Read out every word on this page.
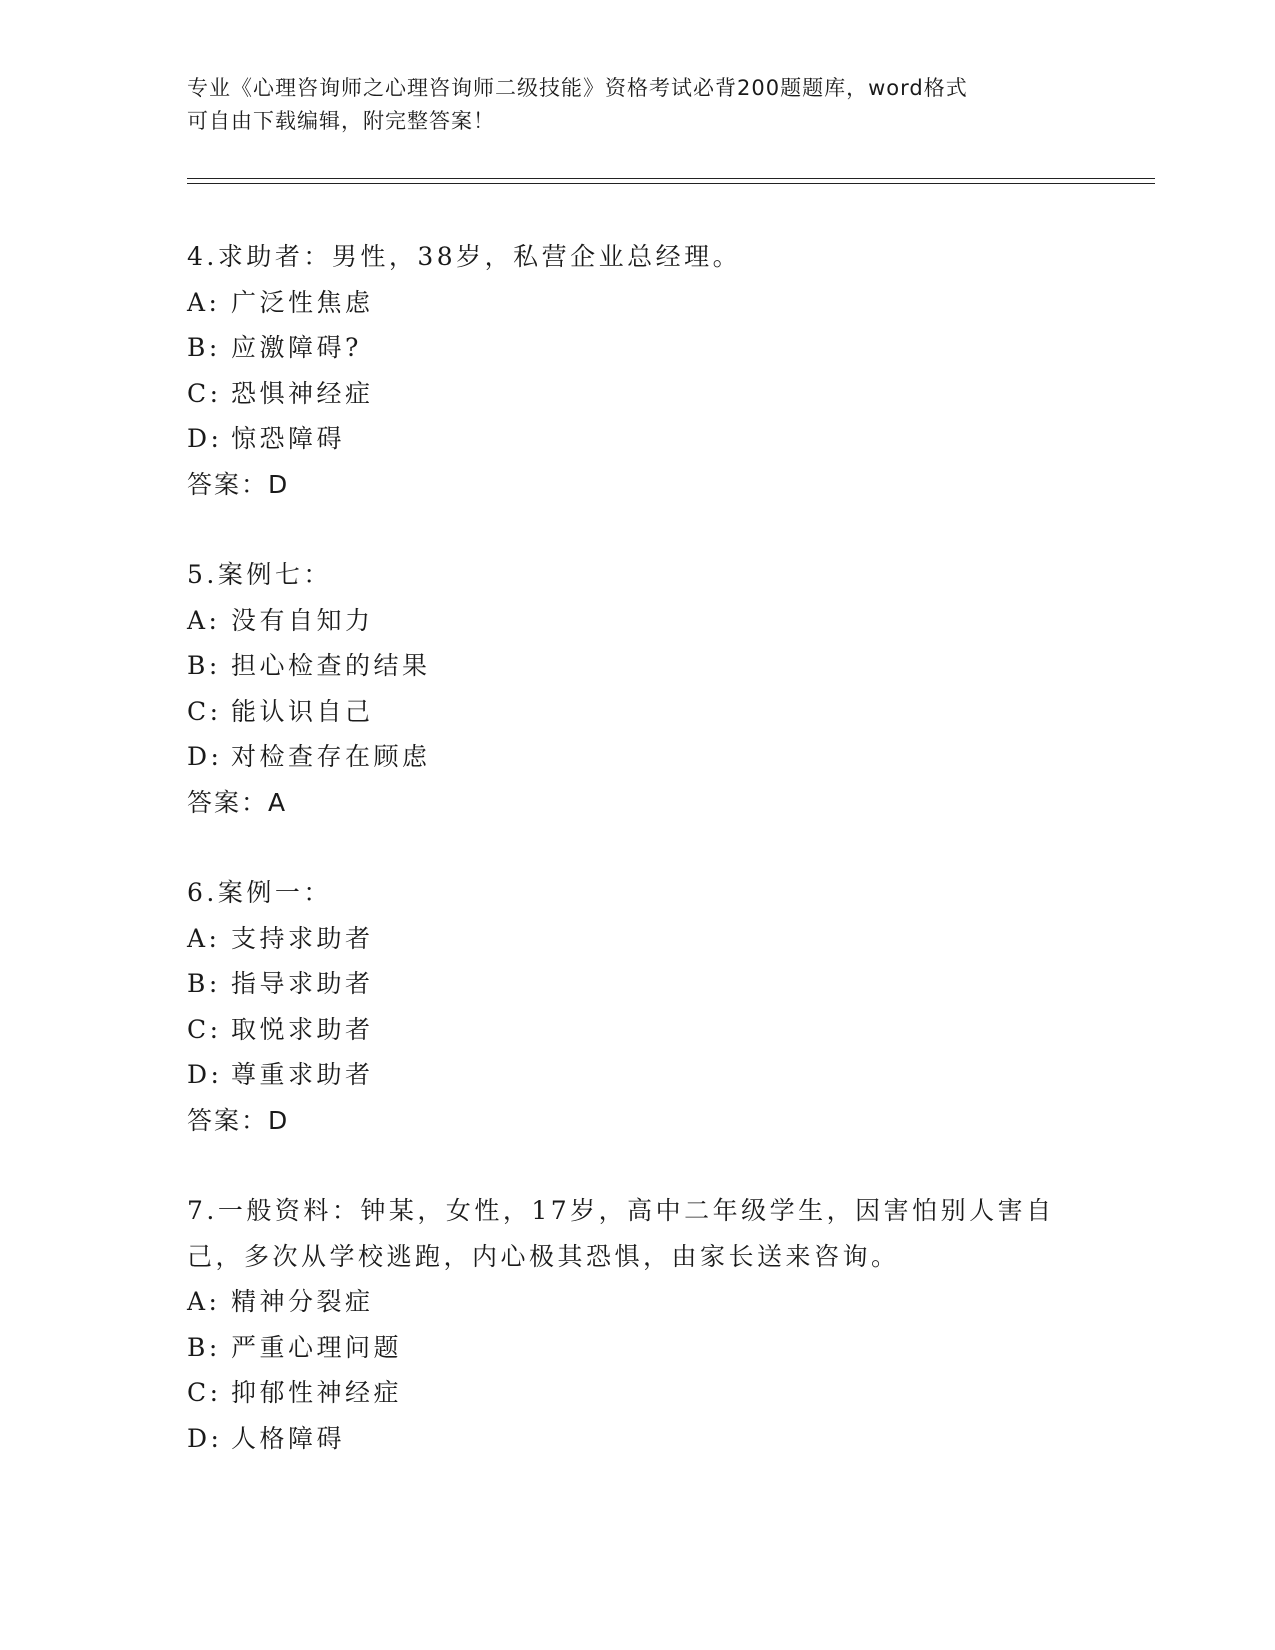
专业《心理咨询师之心理咨询师二级技能》资格考试必背200题题库，word格式
可自由下载编辑，附完整答案！
4.求助者：男性，38岁，私营企业总经理。
A: 广泛性焦虑
B: 应激障碍?
C: 恐惧神经症
D: 惊恐障碍
答案：D
5.案例七：
A: 没有自知力
B: 担心检查的结果
C: 能认识自己
D: 对检查存在顾虑
答案：A
6.案例一：
A: 支持求助者
B: 指导求助者
C: 取悦求助者
D: 尊重求助者
答案：D
7.一般资料：钟某，女性，17岁，高中二年级学生，因害怕别人害自己，多次从学校逃跑，内心极其恐惧，由家长送来咨询。
A: 精神分裂症
B: 严重心理问题
C: 抑郁性神经症
D: 人格障碍
